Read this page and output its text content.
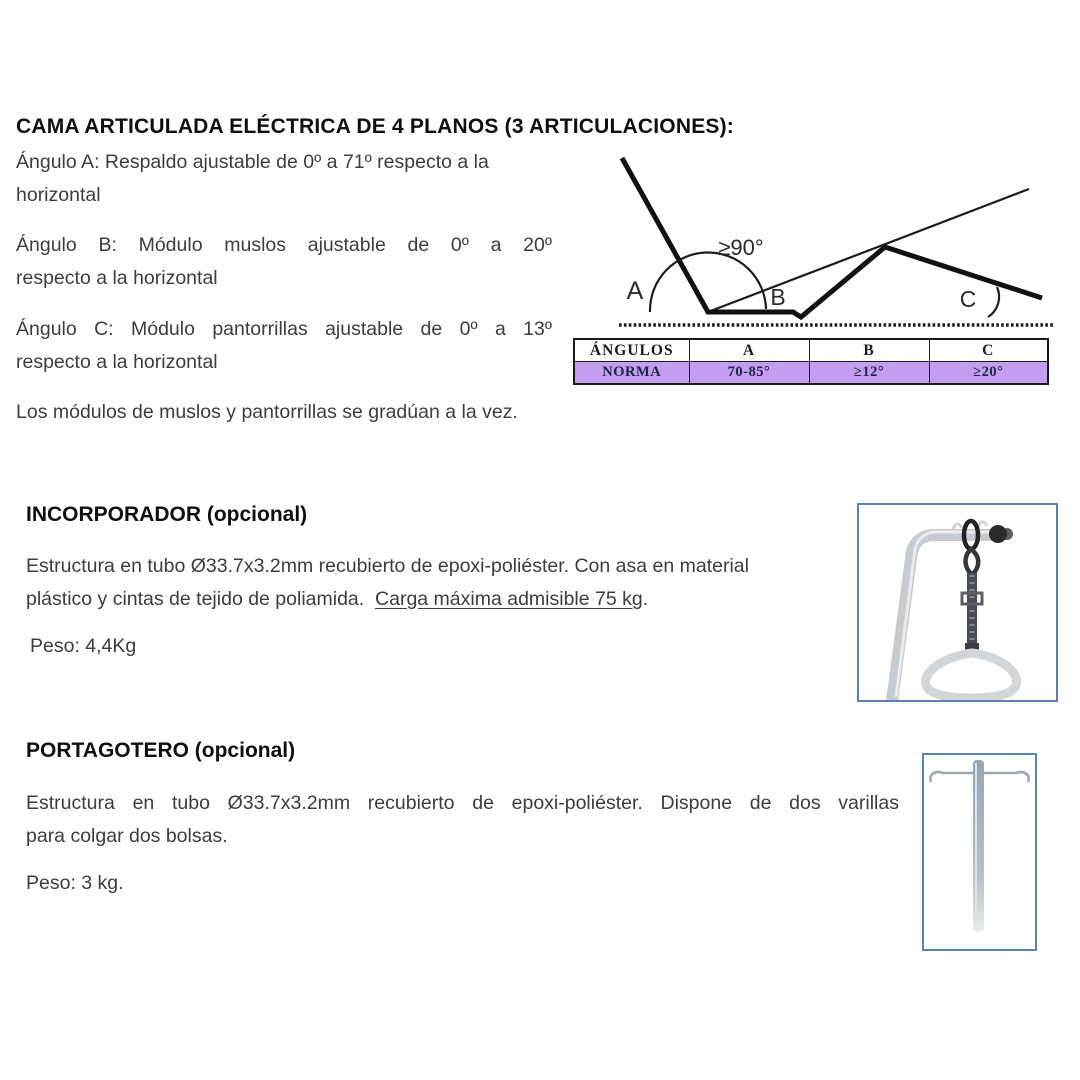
CAMA ARTICULADA ELÉCTRICA DE 4 PLANOS (3 ARTICULACIONES):
Ángulo A: Respaldo ajustable de 0º a 71º respecto a la
horizontal
Ángulo B: Módulo muslos ajustable de 0º a 20º
respecto a la horizontal
Ángulo C: Módulo pantorrillas ajustable de 0º a 13º
respecto a la horizontal
Los módulos de muslos y pantorrillas se gradúan a la vez.
A	B	C
≥90°
ÁNGULOS	A	B	C
NORMA	70-85°	≥12°	≥20°
INCORPORADOR (opcional)
Estructura en tubo Ø33.7x3.2mm recubierto de epoxi-poliéster. Con asa en material
plástico y cintas de tejido de poliamida.  Carga máxima admisible 75 kg.
Peso: 4,4Kg
PORTAGOTERO (opcional)
Estructura en tubo Ø33.7x3.2mm recubierto de epoxi-poliéster. Dispone de dos varillas
para colgar dos bolsas.
Peso: 3 kg.
